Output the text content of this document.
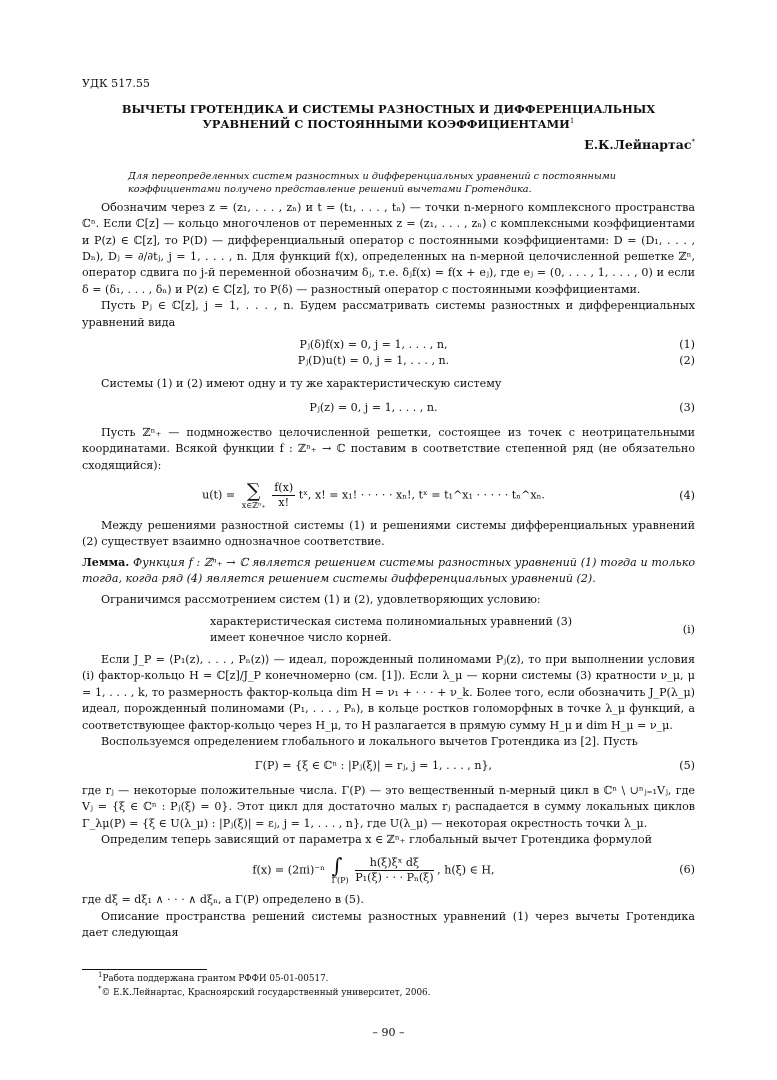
УДК 517.55
ВЫЧЕТЫ ГРОТЕНДИКА И СИСТЕМЫ РАЗНОСТНЫХ И ДИФФЕРЕНЦИАЛЬНЫХ
УРАВНЕНИЙ С ПОСТОЯННЫМИ КОЭФФИЦИЕНТАМИ$^1$
Е.К.Лейнартас*
Для переопределенных систем разностных и дифференциальных уравнений с постоянными коэффициентами получено представление решений вычетами Гротендика.

Обозначим через z = (z₁, . . . , zₙ) и t = (t₁, . . . , tₙ) — точки n-мерного комплексного пространства ℂⁿ. Если ℂ[z] — кольцо многочленов от переменных z = (z₁, . . . , zₙ) с комплексными коэффициентами и P(z) ∈ ℂ[z], то P(D) — дифференциальный оператор с постоянными коэффициентами: D = (D₁, . . . , Dₙ), Dⱼ = ∂/∂tⱼ, j = 1, . . . , n. Для функций f(x), определенных на n-мерной целочисленной решетке ℤⁿ, оператор сдвига по j-й переменной обозначим δⱼ, т.е. δⱼf(x) = f(x + eⱼ), где eⱼ = (0, . . . , 1, . . . , 0) и если δ = (δ₁, . . . , δₙ) и P(z) ∈ ℂ[z], то P(δ) — разностный оператор с постоянными коэффициентами.

Пусть Pⱼ ∈ ℂ[z], j = 1, . . . , n. Будем рассматривать системы разностных и дифференциальных уравнений вида

Pⱼ(δ)f(x) = 0, j = 1, . . . , n,	(1)
Pⱼ(D)u(t) = 0, j = 1, . . . , n.	(2)

Системы (1) и (2) имеют одну и ту же характеристическую систему

Pⱼ(z) = 0, j = 1, . . . , n.	(3)

Пусть ℤⁿ₊ — подмножество целочисленной решетки, состоящее из точек с неотрицательными координатами. Всякой функции f : ℤⁿ₊ → ℂ поставим в соответствие степенной ряд (не обязательно сходящийся):

u(t) = ∑
x∈ℤⁿ₊
$\frac{f(x)}{x!}$ tˣ, x! = x₁! · · · · · xₙ!, tˣ = t₁^x₁ · · · · · tₙ^xₙ.	(4)

Между решениями разностной системы (1) и решениями системы дифференциальных уравнений (2) существует взаимно однозначное соответствие.

Лемма. Функция f : ℤⁿ₊ → ℂ является решением системы разностных уравнений (1) тогда и только тогда, когда ряд (4) является решением системы дифференциальных уравнений (2).

Ограничимся рассмотрением систем (1) и (2), удовлетворяющих условию:

характеристическая система полиномиальных уравнений (3)
имеет конечное число корней.
(i)

Если J_P = ⟨P₁(z), . . . , Pₙ(z)⟩ — идеал, порожденный полиномами Pⱼ(z), то при выполнении условия (i) фактор-кольцо H = ℂ[z]/J_P конечномерно (см. [1]). Если λ_μ — корни системы (3) кратности ν_μ, μ = 1, . . . , k, то размерность фактор-кольца dim H = ν₁ + · · · + ν_k. Более того, если обозначить J_P(λ_μ) идеал, порожденный полиномами (P₁, . . . , Pₙ), в кольце ростков голоморфных в точке λ_μ функций, а соответствующее фактор-кольцо через H_μ, то H разлагается в прямую сумму H_μ и dim H_μ = ν_μ.

Воспользуемся определением глобального и локального вычетов Гротендика из [2]. Пусть

Γ(P) = {ξ ∈ ℂⁿ : |Pⱼ(ξ)| = rⱼ, j = 1, . . . , n},	(5)

где rⱼ — некоторые положительные числа. Γ(P) — это вещественный n-мерный цикл в ℂⁿ \ ∪ⁿⱼ₌₁Vⱼ, где Vⱼ = {ξ ∈ ℂⁿ : Pⱼ(ξ) = 0}. Этот цикл для достаточно малых rⱼ распадается в сумму локальных циклов Γ_λμ(P) = {ξ ∈ U(λ_μ) : |Pⱼ(ξ)| = εⱼ, j = 1, . . . , n}, где U(λ_μ) — некоторая окрестность точки λ_μ.

Определим теперь зависящий от параметра x ∈ ℤⁿ₊ глобальный вычет Гротендика формулой

f(x) = (2πi)⁻ⁿ ∫
Γ(P)
$\frac{\text{h(ξ)ξˣ dξ}}{\text{P₁(ξ) · · · Pₙ(ξ)}}$ , h(ξ) ∈ H,	(6)

где dξ = dξ₁ ∧ · · · ∧ dξₙ, а Γ(P) определено в (5).

Описание пространства решений системы разностных уравнений (1) через вычеты Гротендика дает следующая

$^1$Работа поддержана грантом РФФИ 05-01-00517.
*© Е.К.Лейнартас, Красноярский государственный университет, 2006.
– 90 –
